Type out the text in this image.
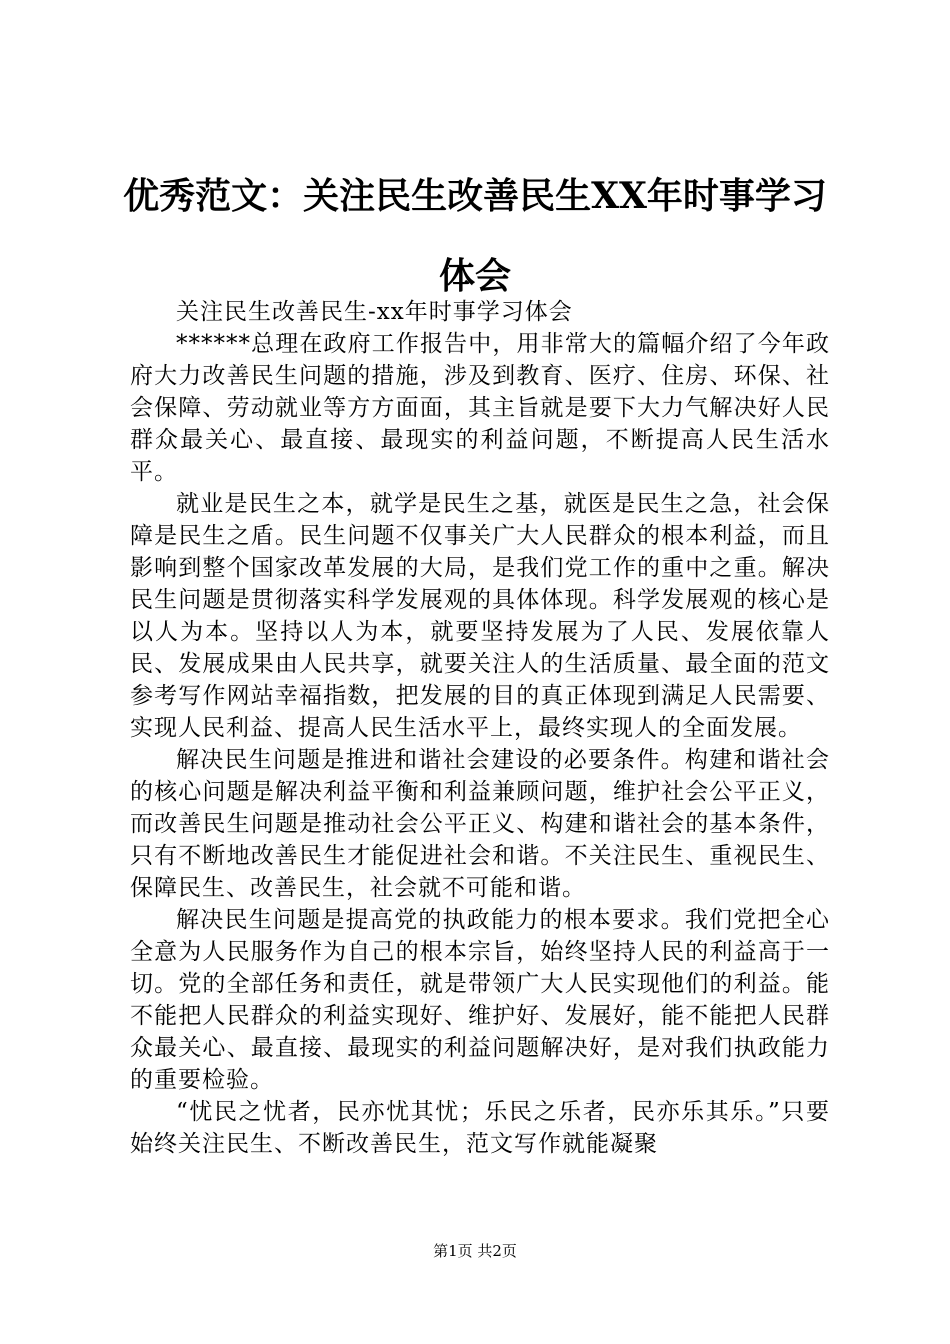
优秀范文：关注民生改善民生XX年时事学习体会

关注民生改善民生-xx年时事学习体会

******总理在政府工作报告中，用非常大的篇幅介绍了今年政府大力改善民生问题的措施，涉及到教育、医疗、住房、环保、社会保障、劳动就业等方方面面，其主旨就是要下大力气解决好人民群众最关心、最直接、最现实的利益问题，不断提高人民生活水平。

就业是民生之本，就学是民生之基，就医是民生之急，社会保障是民生之盾。民生问题不仅事关广大人民群众的根本利益，而且影响到整个国家改革发展的大局，是我们党工作的重中之重。解决民生问题是贯彻落实科学发展观的具体体现。科学发展观的核心是以人为本。坚持以人为本，就要坚持发展为了人民、发展依靠人民、发展成果由人民共享，就要关注人的生活质量、最全面的范文参考写作网站幸福指数，把发展的目的真正体现到满足人民需要、实现人民利益、提高人民生活水平上，最终实现人的全面发展。

解决民生问题是推进和谐社会建设的必要条件。构建和谐社会的核心问题是解决利益平衡和利益兼顾问题，维护社会公平正义，而改善民生问题是推动社会公平正义、构建和谐社会的基本条件，只有不断地改善民生才能促进社会和谐。不关注民生、重视民生、保障民生、改善民生，社会就不可能和谐。

解决民生问题是提高党的执政能力的根本要求。我们党把全心全意为人民服务作为自己的根本宗旨，始终坚持人民的利益高于一切。党的全部任务和责任，就是带领广大人民实现他们的利益。能不能把人民群众的利益实现好、维护好、发展好，能不能把人民群众最关心、最直接、最现实的利益问题解决好，是对我们执政能力的重要检验。

“忧民之忧者，民亦忧其忧；乐民之乐者，民亦乐其乐。”只要始终关注民生、不断改善民生，范文写作就能凝聚

第1页 共2页
